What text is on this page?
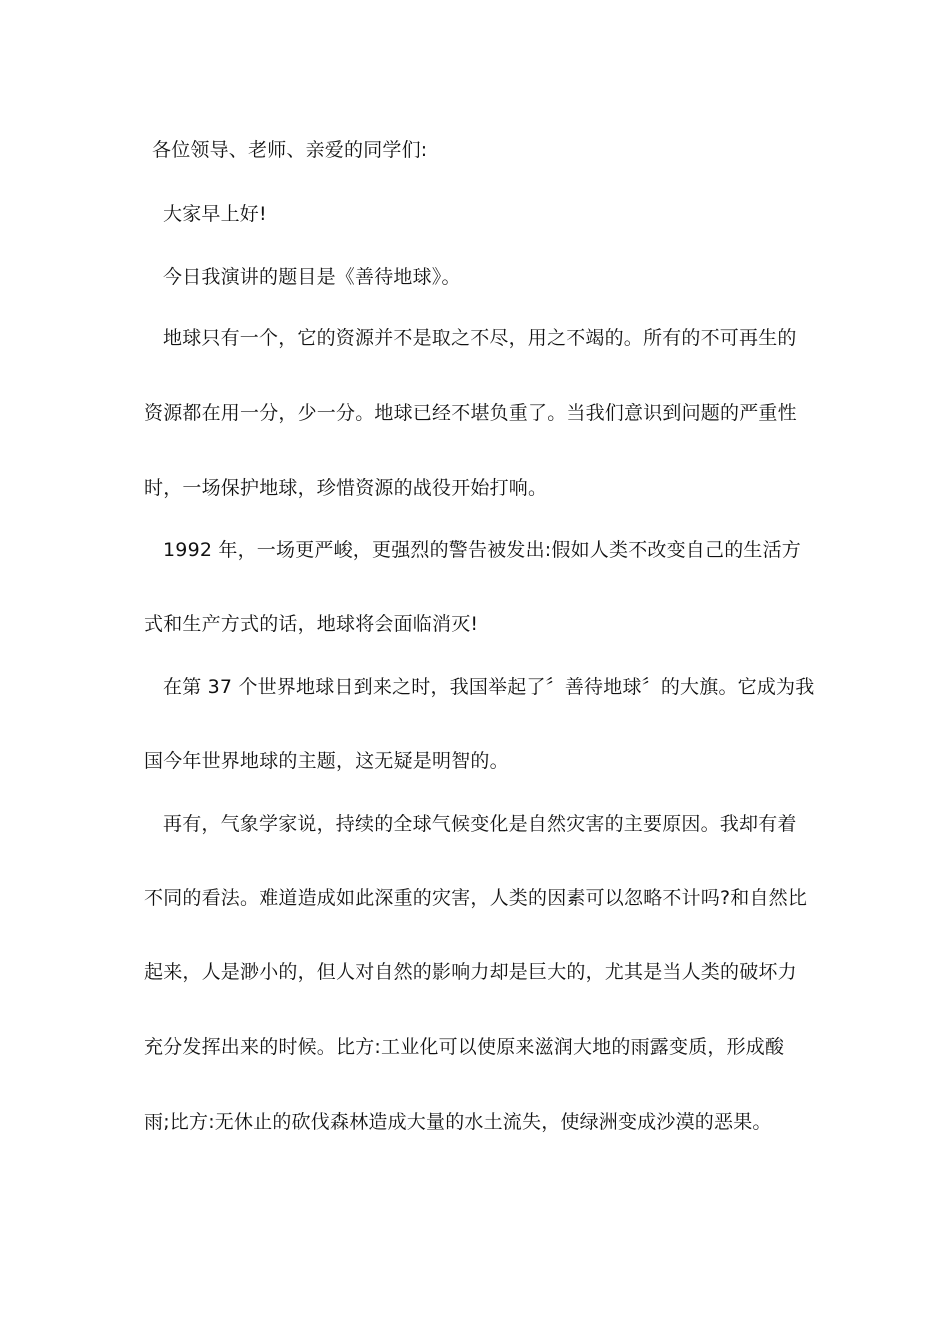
各位领导、老师、亲爱的同学们:
大家早上好!
今日我演讲的题目是《善待地球》。
地球只有一个，它的资源并不是取之不尽，用之不竭的。所有的不可再生的
资源都在用一分，少一分。地球已经不堪负重了。当我们意识到问题的严重性
时，一场保护地球，珍惜资源的战役开始打响。
1992 年，一场更严峻，更强烈的警告被发出:假如人类不改变自己的生活方
式和生产方式的话，地球将会面临消灭!
在第 37 个世界地球日到来之时，我国举起了〞善待地球〞的大旗。它成为我
国今年世界地球的主题，这无疑是明智的。
再有，气象学家说，持续的全球气候变化是自然灾害的主要原因。我却有着
不同的看法。难道造成如此深重的灾害，人类的因素可以忽略不计吗?和自然比
起来，人是渺小的，但人对自然的影响力却是巨大的，尤其是当人类的破坏力
充分发挥出来的时候。比方:工业化可以使原来滋润大地的雨露变质，形成酸
雨;比方:无休止的砍伐森林造成大量的水土流失，使绿洲变成沙漠的恶果。
